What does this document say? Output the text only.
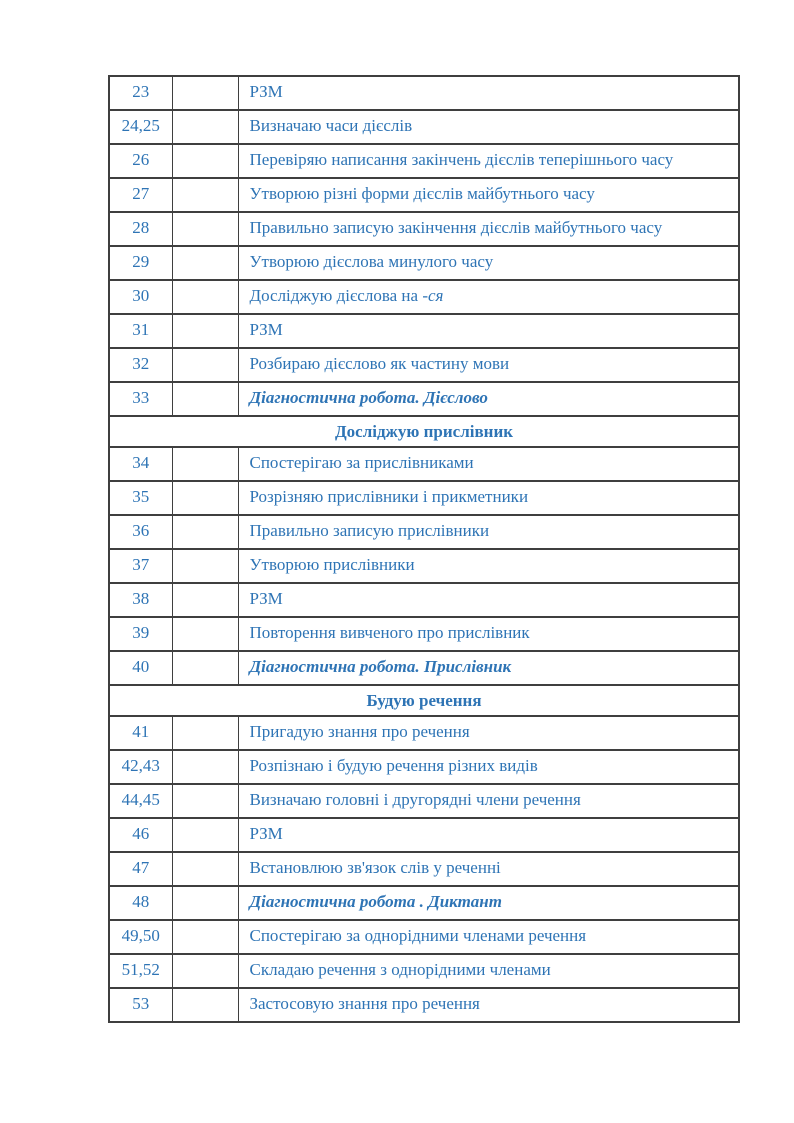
23		РЗМ
24,25		Визначаю часи дієслів
26		Перевіряю написання закінчень дієслів теперішнього часу
27		Утворюю різні форми дієслів майбутнього часу
28		Правильно записую закінчення дієслів майбутнього часу
29		Утворюю дієслова минулого часу
30		Досліджую дієслова на -ся
31		РЗМ
32		Розбираю дієслово як частину мови
33		Діагностична робота. Дієслово
Досліджую прислівник		
34		Спостерігаю за прислівниками
35		Розрізняю прислівники і прикметники
36		Правильно записую прислівники
37		Утворюю прислівники
38		РЗМ
39		Повторення вивченого про прислівник
40		Діагностична робота. Прислівник
Будую речення		
41		Пригадую знання про речення
42,43		Розпізнаю і будую речення різних видів
44,45		Визначаю головні і другорядні члени речення
46		РЗМ
47		Встановлюю зв'язок слів у реченні
48		Діагностична робота . Диктант
49,50		Спостерігаю за однорідними членами речення
51,52		Складаю речення з однорідними членами
53		Застосовую знання про речення
